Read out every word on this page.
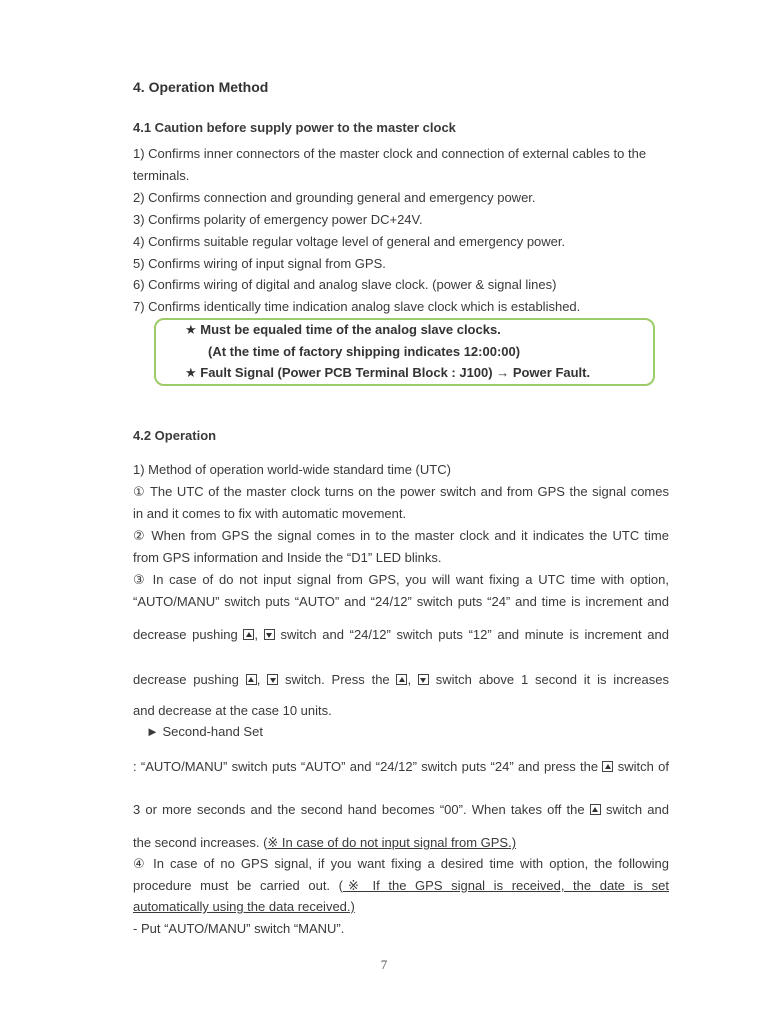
4. Operation Method
4.1 Caution before supply power to the master clock
1) Confirms inner connectors of the master clock and connection of external cables to the
terminals.
2) Confirms connection and grounding general and emergency power.
3) Confirms polarity of emergency power DC+24V.
4) Confirms suitable regular voltage level of general and emergency power.
5) Confirms wiring of input signal from GPS.
6) Confirms wiring of digital and analog slave clock. (power & signal lines)
7) Confirms identically time indication analog slave clock which is established.
★ Must be equaled time of the analog slave clocks.
(At the time of factory shipping indicates 12:00:00)
★ Fault Signal (Power PCB Terminal Block : J100) → Power Fault.
4.2 Operation
1) Method of operation world-wide standard time (UTC)
① The UTC of the master clock turns on the power switch and from GPS the signal comes
in and it comes to fix with automatic movement.
② When from GPS the signal comes in to the master clock and it indicates the UTC time
from GPS information and Inside the “D1” LED blinks.
③ In case of do not input signal from GPS, you will want fixing a UTC time with option,
“AUTO/MANU” switch puts “AUTO” and “24/12” switch puts “24” and time is increment and
decrease pushing ,  switch and “24/12” switch puts “12” and minute is increment and
decrease pushing ,  switch. Press the ,  switch above 1 second it is increases
and decrease at the case 10 units.
► Second-hand Set
: “AUTO/MANU” switch puts “AUTO” and “24/12” switch puts “24” and press the switch of
3 or more seconds and the second hand becomes “00”. When takes off the switch and
the second increases. (※ In case of do not input signal from GPS.)
④ In case of no GPS signal, if you want fixing a desired time with option, the following
procedure must be carried out. (※ If the GPS signal is received, the date is set
automatically using the data received.)
- Put “AUTO/MANU” switch “MANU”.
7
